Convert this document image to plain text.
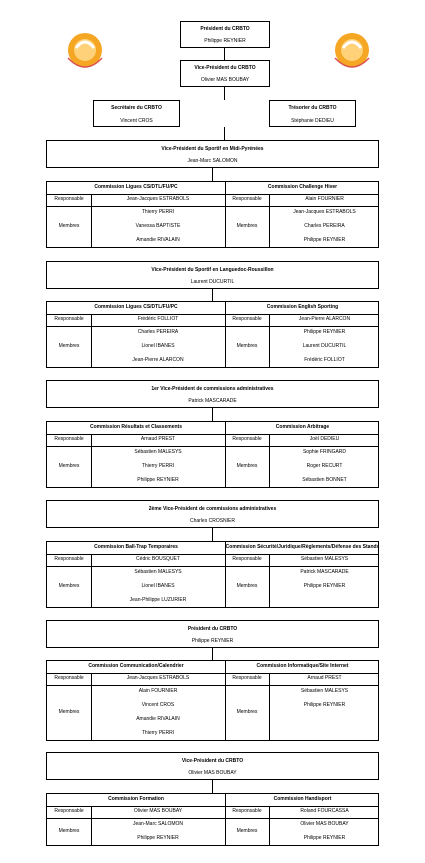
Président du CRBTO
Philippe REYNIER
Vice-Président du CRBTO
Olivier MAS BOUBAY
Secrétaire du CRBTO
Vincent CROS
Trésorier du CRBTO
Stéphanie DEDIEU
Vice-Président du Sportif en Midi-Pyrénées
Jean-Marc SALOMON
Commission Ligues CS/DTL/FU/PC
Responsable	Jean-Jacques ESTRABOLS
Membres
Thierry PERRI
Vanessa BAPTISTE
Amandie RIVALAIN
Commission Challenge Hiver
Responsable	Alain FOURNIER
Membres
Jean-Jacques ESTRABOLS
Charles PEREIRA
Philippe REYNIER
Vice-Président du Sportif en Languedoc-Roussillon
Laurent DUCURTIL
Commission Ligues CS/DTL/FU/PC
Responsable	Frédéric FOLLIOT
Membres
Charles PEREIRA
Lionel IBANES
Jean-Pierre ALARCON
Commission English Sporting
Responsable	Jean-Pierre ALARCON
Membres
Philippe REYNIER
Laurent DUCURTIL
Frédéric FOLLIOT
1er Vice-Président de commissions administratives
Patrick MASCARADE
Commission Résultats et Classements
Responsable	Arnaud PREST
Membres
Sébastien MALESYS
Thierry PERRI
Philippe REYNIER
Commission Arbitrage
Responsable	Joël DEDIEU
Membres
Sophie FRINGARD
Roger RECURT
Sébastien BONNET
2ème Vice-Président de commissions administratives
Charles CROSNIER
Commission Ball-Trap Temporaires
Responsable	Cédric BOUSQUET
Membres
Sébastien MALESYS
Lionel IBANES
Jean-Philippe LUZURIER
Commission Sécurité/Juridique/Règlements/Défense des Stands
Responsable	Sébastien MALESYS
Membres
Patrick MASCARADE
Philippe REYNIER
Président du CRBTO
Philippe REYNIER
Commission Communication/Calendrier
Responsable	Jean-Jacques ESTRABOLS
Membres
Alain FOURNIER
Vincent CROS
Amandie RIVALAIN
Thierry PERRI
Commission Informatique/Site Internet
Responsable	Arnaud PREST
Membres
Sébastien MALESYS
Philippe REYNIER
Vice-Président du CRBTO
Olivier MAS BOUBAY
Commission Formation
Responsable	Olivier MAS BOUBAY
Membres
Jean-Marc SALOMON
Philippe REYNIER
Commission Handisport
Responsable	Roland FOURCASSA
Membres
Olivier MAS BOUBAY
Philippe REYNIER
